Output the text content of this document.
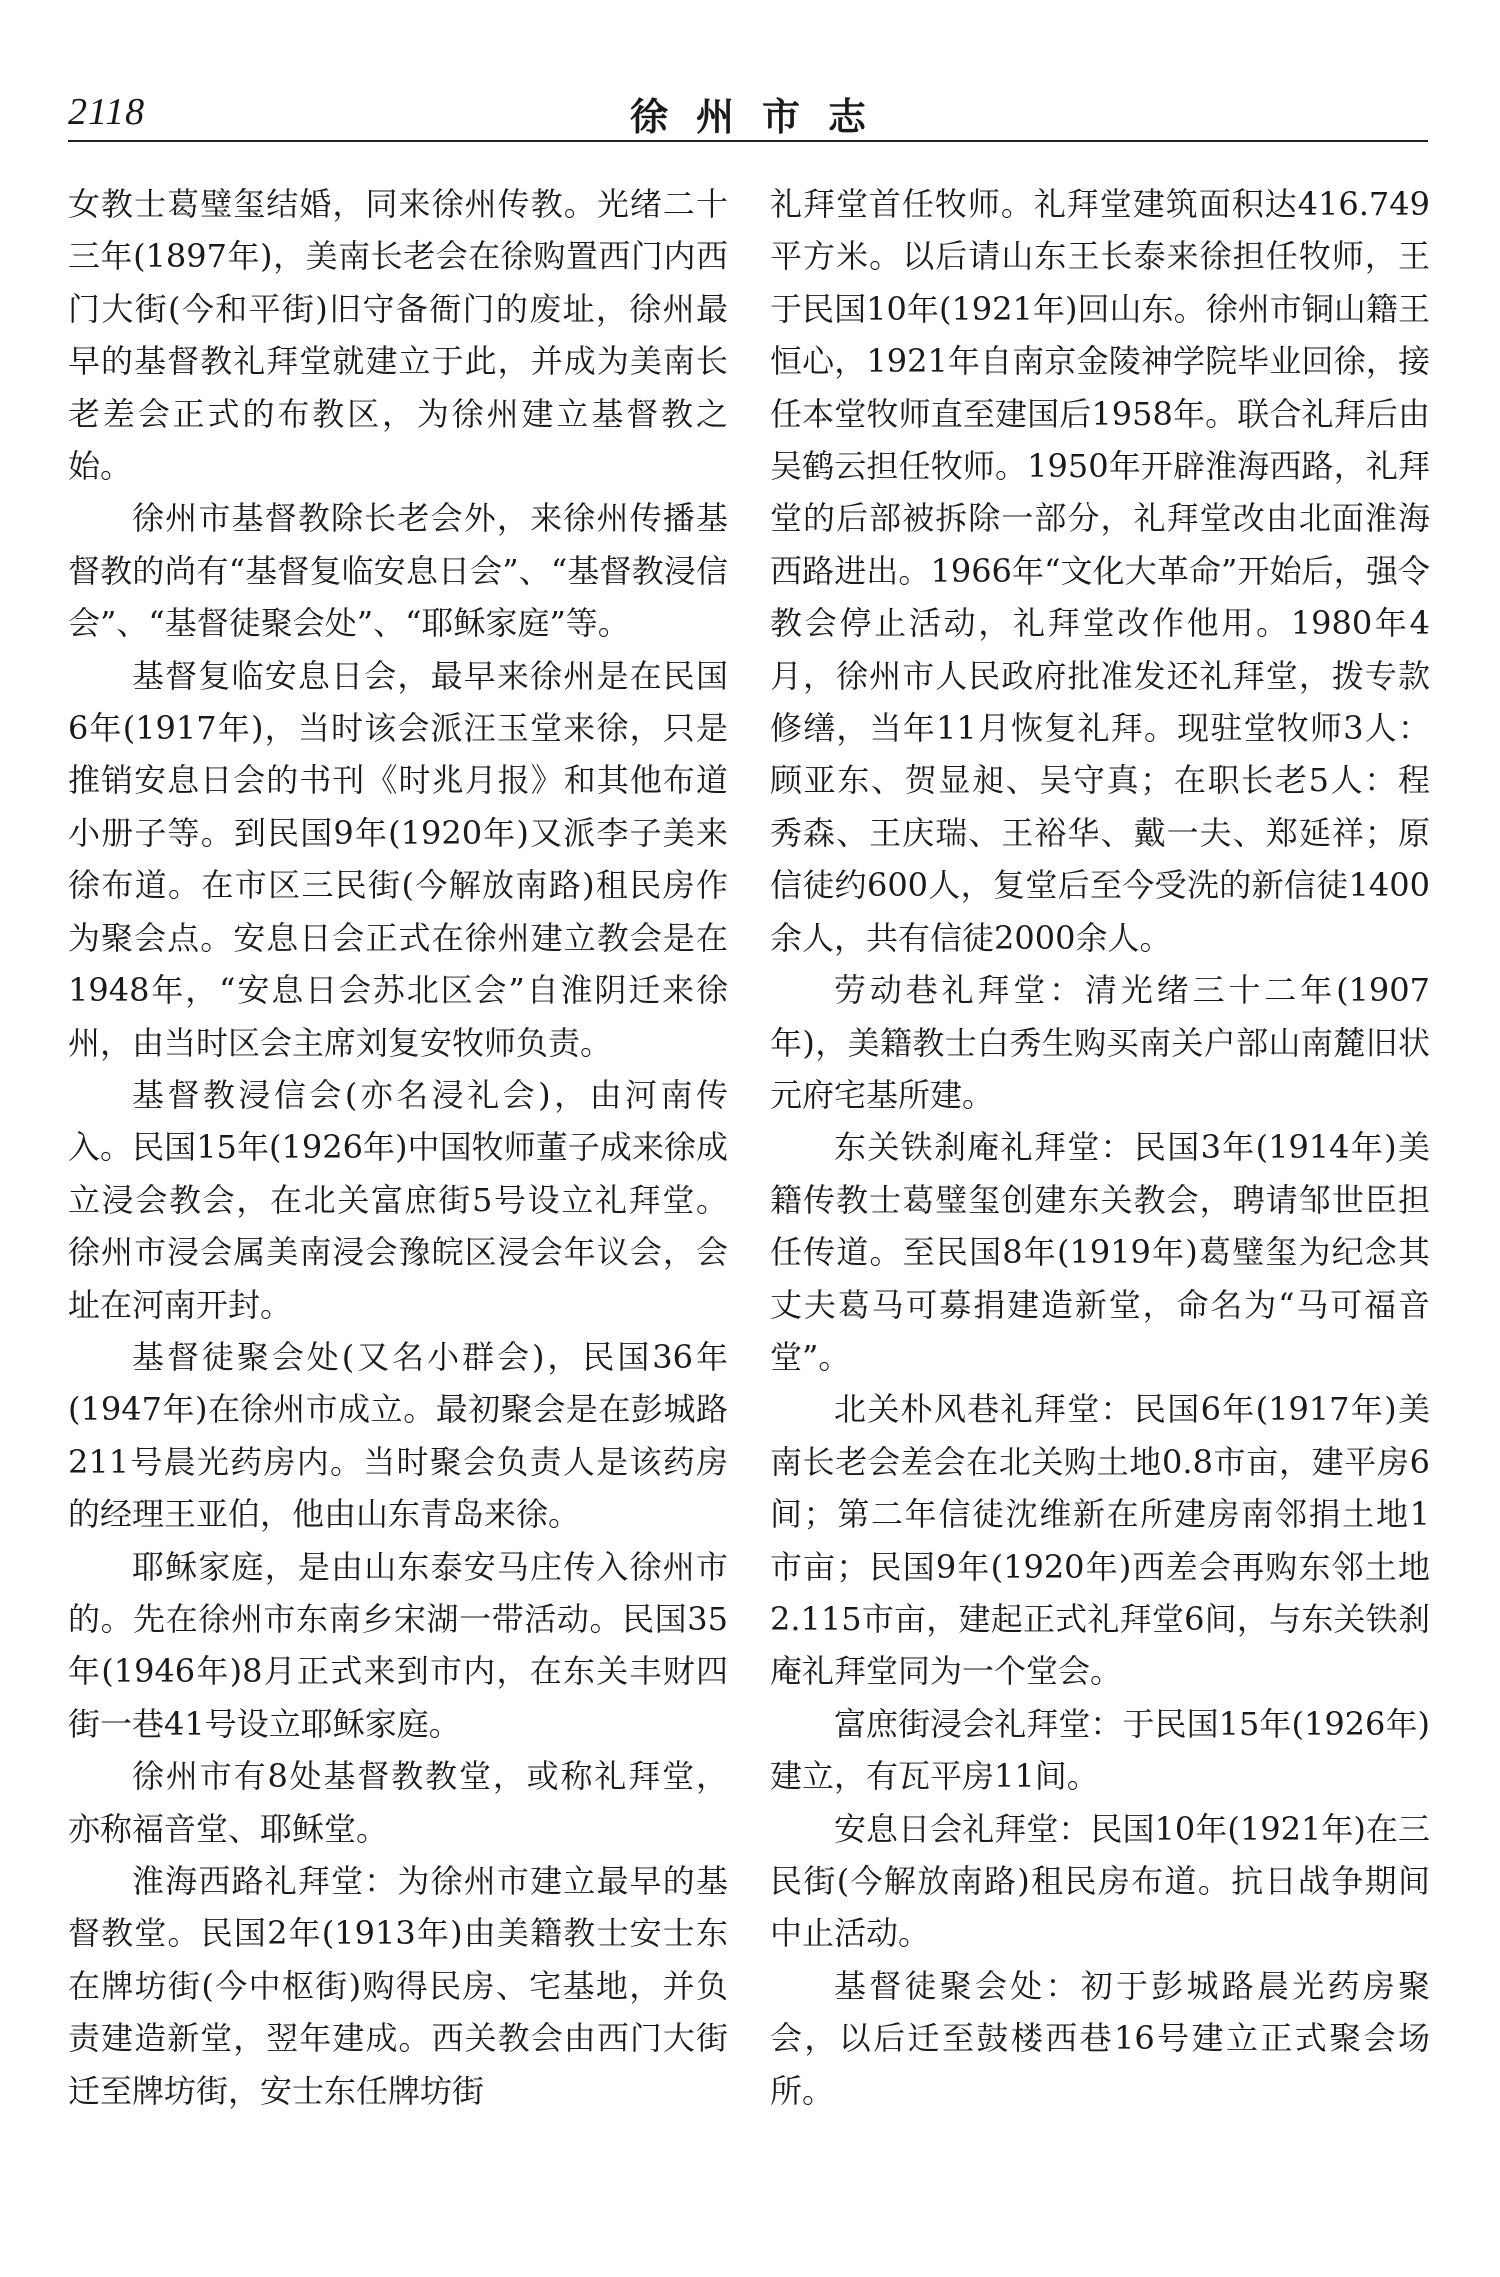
2118	徐州市志

女教士葛璧玺结婚，同来徐州传教。光绪二十三年(1897年)，美南长老会在徐购置西门内西门大街(今和平街)旧守备衙门的废址，徐州最早的基督教礼拜堂就建立于此，并成为美南长老差会正式的布教区，为徐州建立基督教之始。

徐州市基督教除长老会外，来徐州传播基督教的尚有“基督复临安息日会”、“基督教浸信会”、“基督徒聚会处”、“耶稣家庭”等。

基督复临安息日会，最早来徐州是在民国6年(1917年)，当时该会派汪玉堂来徐，只是推销安息日会的书刊《时兆月报》和其他布道小册子等。到民国9年(1920年)又派李子美来徐布道。在市区三民街(今解放南路)租民房作为聚会点。安息日会正式在徐州建立教会是在1948年，“安息日会苏北区会”自淮阴迁来徐州，由当时区会主席刘复安牧师负责。

基督教浸信会(亦名浸礼会)，由河南传入。民国15年(1926年)中国牧师董子成来徐成立浸会教会，在北关富庶街5号设立礼拜堂。徐州市浸会属美南浸会豫皖区浸会年议会，会址在河南开封。

基督徒聚会处(又名小群会)，民国36年(1947年)在徐州市成立。最初聚会是在彭城路211号晨光药房内。当时聚会负责人是该药房的经理王亚伯，他由山东青岛来徐。

耶稣家庭，是由山东泰安马庄传入徐州市的。先在徐州市东南乡宋湖一带活动。民国35年(1946年)8月正式来到市内，在东关丰财四街一巷41号设立耶稣家庭。

徐州市有8处基督教教堂，或称礼拜堂，亦称福音堂、耶稣堂。

淮海西路礼拜堂：为徐州市建立最早的基督教堂。民国2年(1913年)由美籍教士安士东在牌坊街(今中枢街)购得民房、宅基地，并负责建造新堂，翌年建成。西关教会由西门大街迁至牌坊街，安士东任牌坊街

礼拜堂首任牧师。礼拜堂建筑面积达416.749平方米。以后请山东王长泰来徐担任牧师，王于民国10年(1921年)回山东。徐州市铜山籍王恒心，1921年自南京金陵神学院毕业回徐，接任本堂牧师直至建国后1958年。联合礼拜后由吴鹤云担任牧师。1950年开辟淮海西路，礼拜堂的后部被拆除一部分，礼拜堂改由北面淮海西路进出。1966年“文化大革命”开始后，强令教会停止活动，礼拜堂改作他用。1980年4月，徐州市人民政府批准发还礼拜堂，拨专款修缮，当年11月恢复礼拜。现驻堂牧师3人：顾亚东、贺显昶、吴守真；在职长老5人：程秀森、王庆瑞、王裕华、戴一夫、郑延祥；原信徒约600人，复堂后至今受洗的新信徒1400余人，共有信徒2000余人。

劳动巷礼拜堂：清光绪三十二年(1907年)，美籍教士白秀生购买南关户部山南麓旧状元府宅基所建。

东关铁刹庵礼拜堂：民国3年(1914年)美籍传教士葛璧玺创建东关教会，聘请邹世臣担任传道。至民国8年(1919年)葛璧玺为纪念其丈夫葛马可募捐建造新堂，命名为“马可福音堂”。

北关朴风巷礼拜堂：民国6年(1917年)美南长老会差会在北关购土地0.8市亩，建平房6间；第二年信徒沈维新在所建房南邻捐土地1市亩；民国9年(1920年)西差会再购东邻土地2.115市亩，建起正式礼拜堂6间，与东关铁刹庵礼拜堂同为一个堂会。

富庶街浸会礼拜堂：于民国15年(1926年)建立，有瓦平房11间。

安息日会礼拜堂：民国10年(1921年)在三民街(今解放南路)租民房布道。抗日战争期间中止活动。

基督徒聚会处：初于彭城路晨光药房聚会，以后迁至鼓楼西巷16号建立正式聚会场所。
